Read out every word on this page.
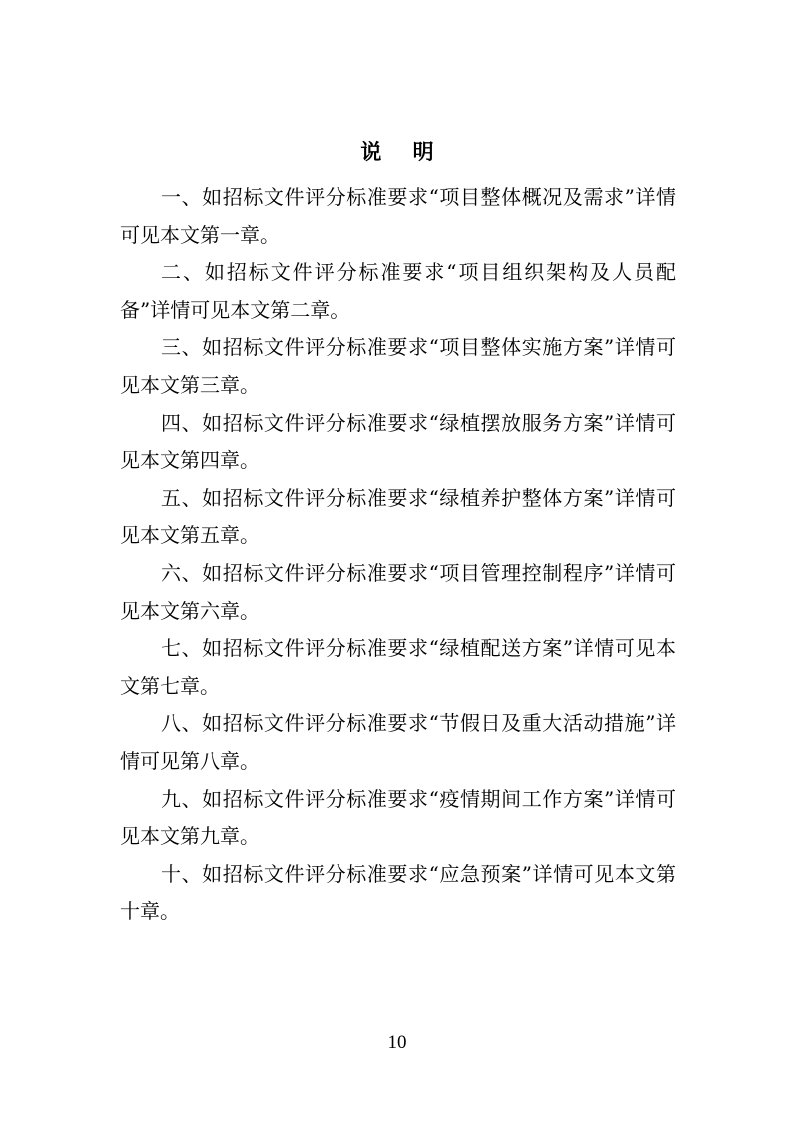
说 明

一、如招标文件评分标准要求“项目整体概况及需求”详情可见本文第一章。

二、如招标文件评分标准要求“项目组织架构及人员配备”详情可见本文第二章。

三、如招标文件评分标准要求“项目整体实施方案”详情可见本文第三章。

四、如招标文件评分标准要求“绿植摆放服务方案”详情可见本文第四章。

五、如招标文件评分标准要求“绿植养护整体方案”详情可见本文第五章。

六、如招标文件评分标准要求“项目管理控制程序”详情可见本文第六章。

七、如招标文件评分标准要求“绿植配送方案”详情可见本文第七章。

八、如招标文件评分标准要求“节假日及重大活动措施”详情可见第八章。

九、如招标文件评分标准要求“疫情期间工作方案”详情可见本文第九章。

十、如招标文件评分标准要求“应急预案”详情可见本文第十章。

10
